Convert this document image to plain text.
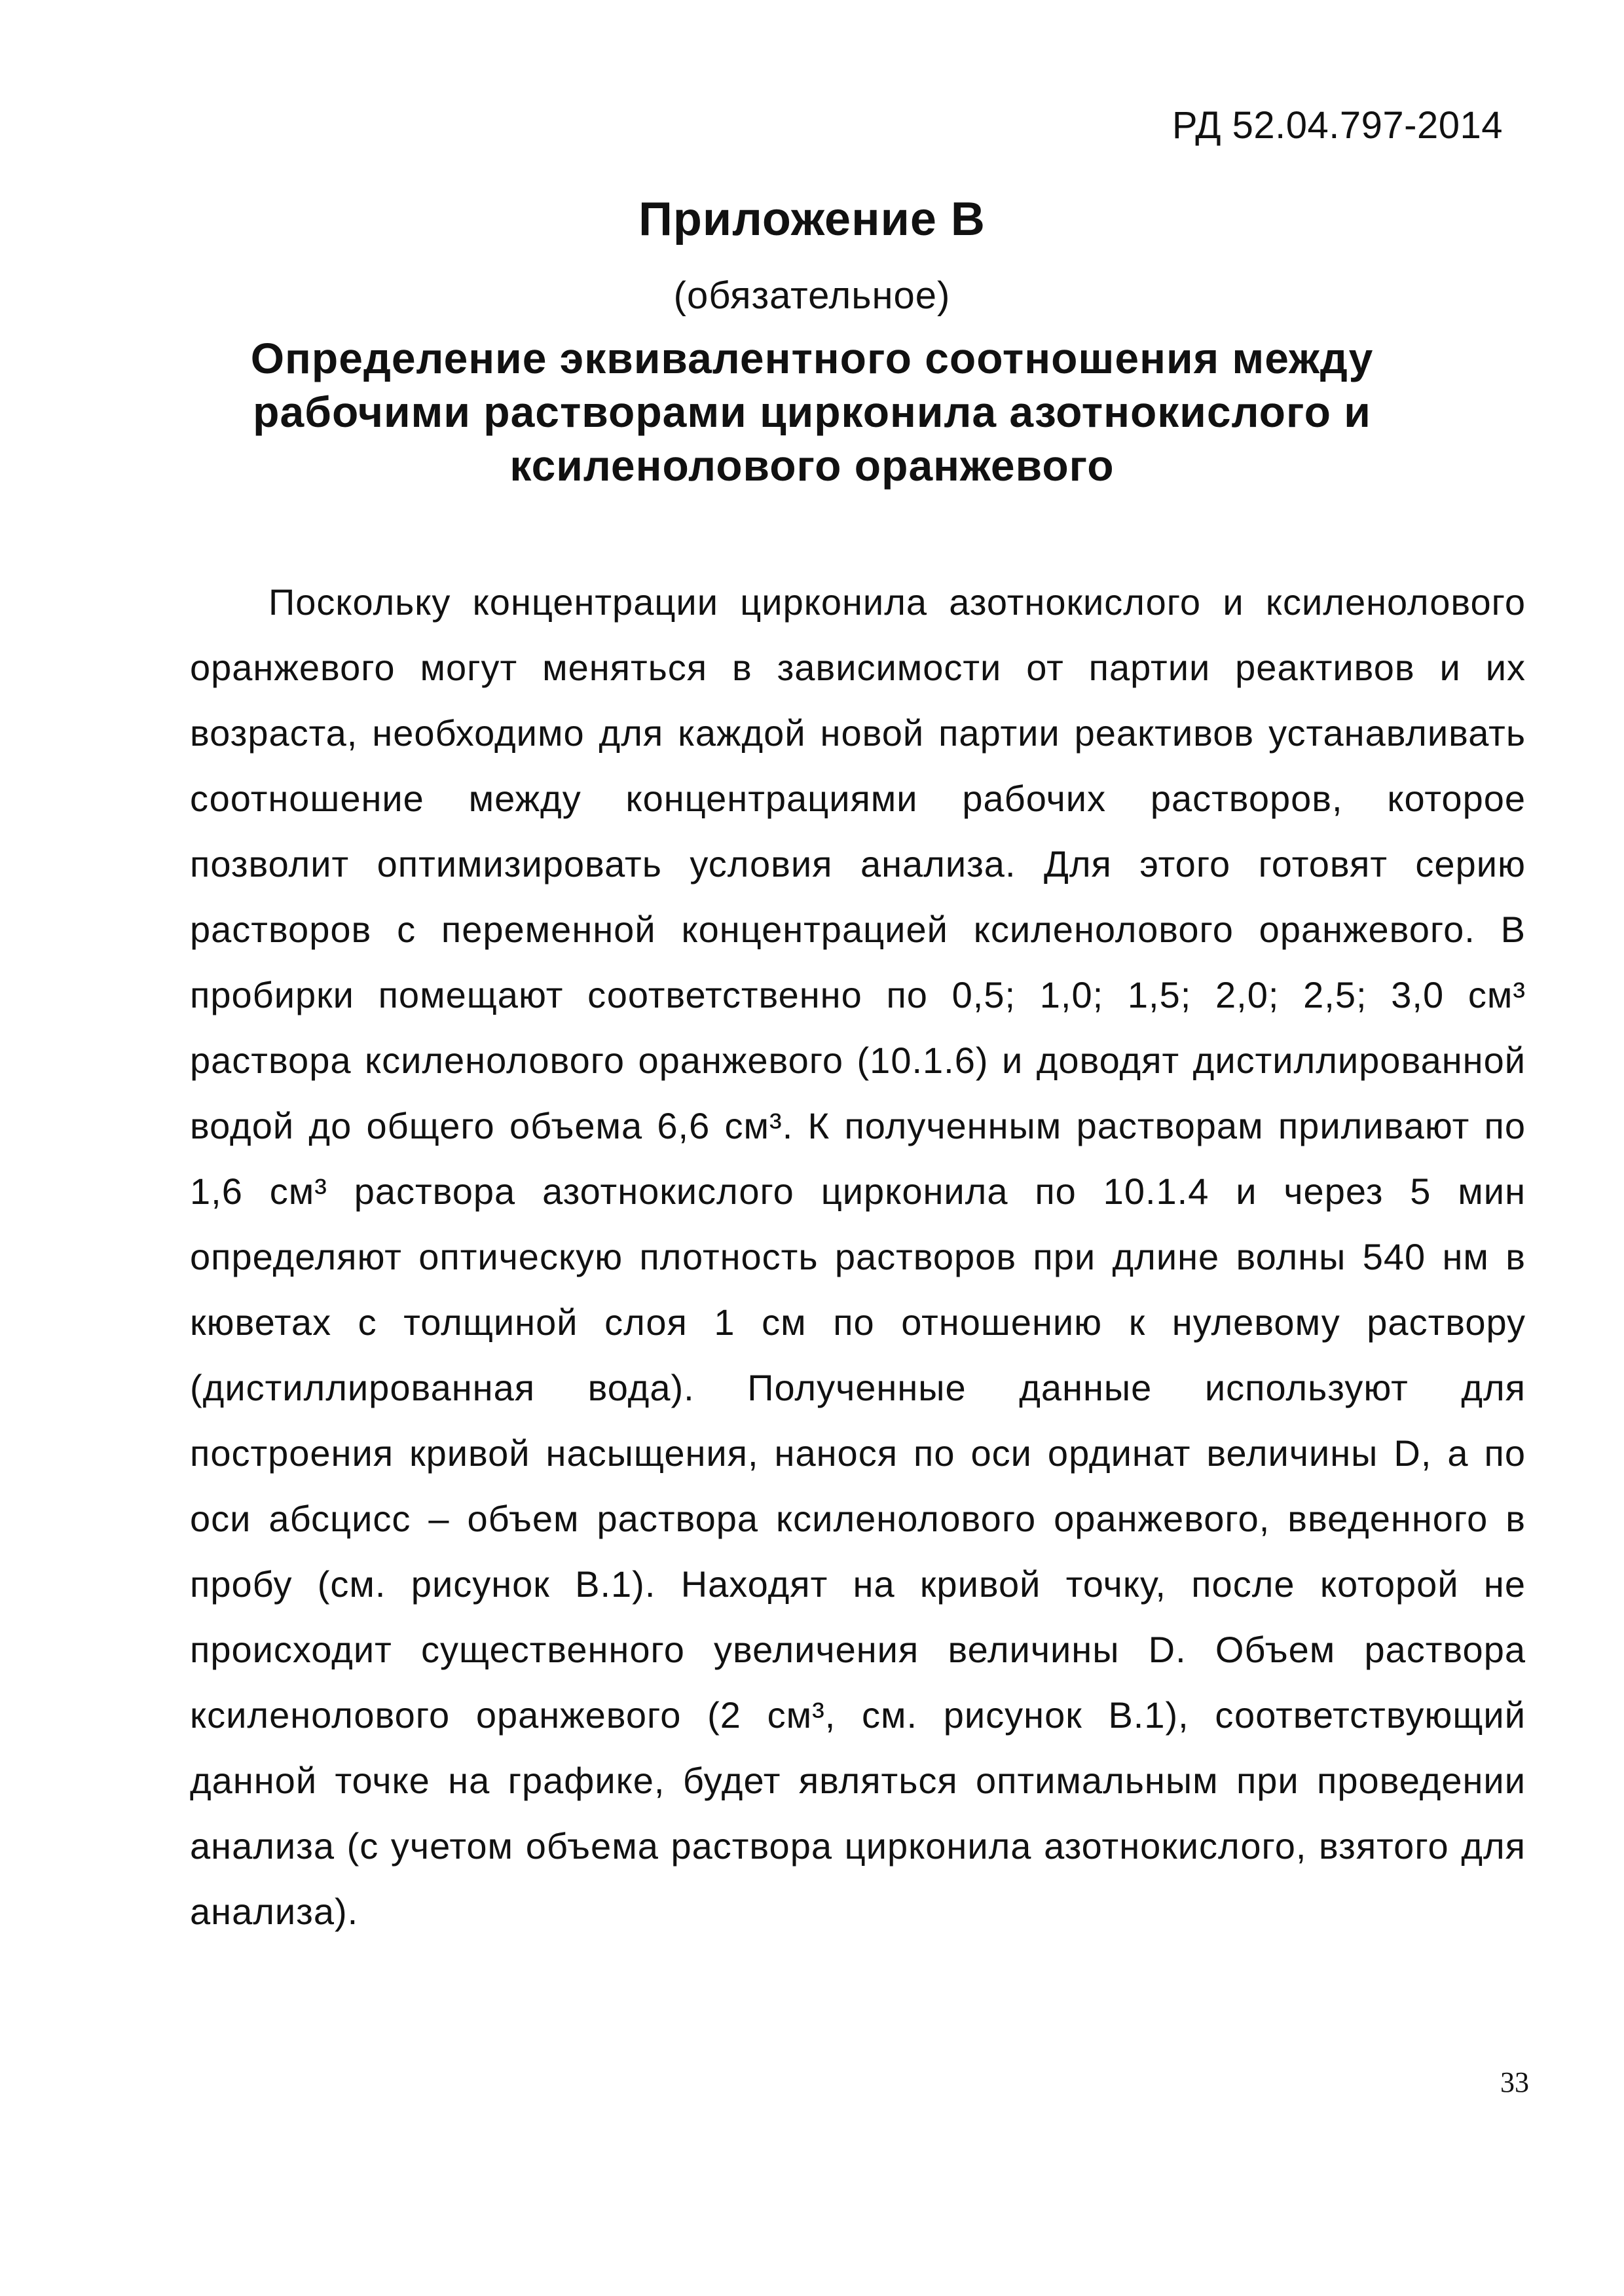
РД 52.04.797-2014
Приложение В
(обязательное)
Определение эквивалентного соотношения между рабочими растворами цирконила азотнокислого и ксиленолового оранжевого

Поскольку концентрации цирконила азотнокислого и ксиленолового оранжевого могут меняться в зависимости от партии реактивов и их возраста, необходимо для каждой новой партии реактивов устанавливать соотношение между концентрациями рабочих растворов, которое позволит оптимизировать условия анализа. Для этого готовят серию растворов с переменной концентрацией ксиленолового оранжевого. В пробирки помещают соответственно по 0,5; 1,0; 1,5; 2,0; 2,5; 3,0 см³ раствора ксиленолового оранжевого (10.1.6) и доводят дистиллированной водой до общего объема 6,6 см³. К полученным растворам приливают по 1,6 см³ раствора азотнокислого цирконила по 10.1.4 и через 5 мин определяют оптическую плотность растворов при длине волны 540 нм в кюветах с толщиной слоя 1 см по отношению к нулевому раствору (дистиллированная вода). Полученные данные используют для построения кривой насыщения, нанося по оси ординат величины D, а по оси абсцисс – объем раствора ксиленолового оранжевого, введенного в пробу (см. рисунок В.1). Находят на кривой точку, после которой не происходит существенного увеличения величины D. Объем раствора ксиленолового оранжевого (2 см³, см. рисунок В.1), соответствующий данной точке на графике, будет являться оптимальным при проведении анализа (с учетом объема раствора цирконила азотнокислого, взятого для анализа).

33
